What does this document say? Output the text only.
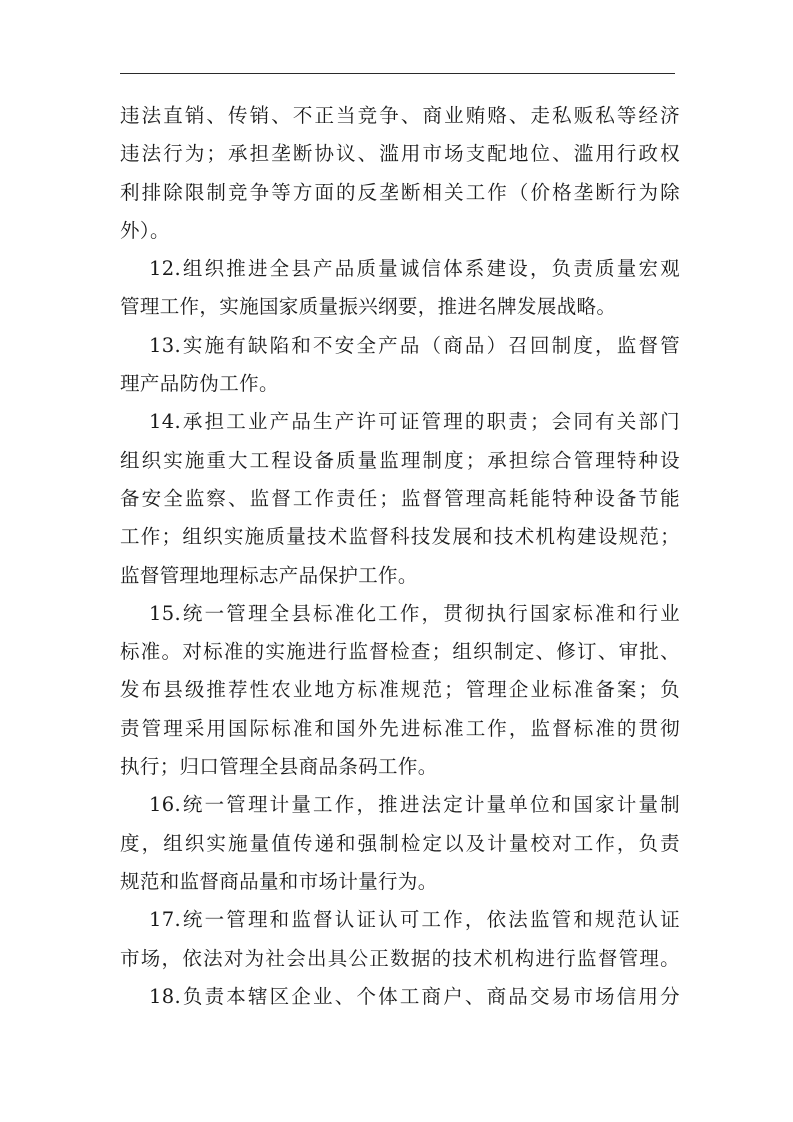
违法直销、传销、不正当竞争、商业贿赂、走私贩私等经济
违法行为；承担垄断协议、滥用市场支配地位、滥用行政权
利排除限制竞争等方面的反垄断相关工作（价格垄断行为除
外）。
12.组织推进全县产品质量诚信体系建设，负责质量宏观
管理工作，实施国家质量振兴纲要，推进名牌发展战略。
13.实施有缺陷和不安全产品（商品）召回制度，监督管
理产品防伪工作。
14.承担工业产品生产许可证管理的职责；会同有关部门
组织实施重大工程设备质量监理制度；承担综合管理特种设
备安全监察、监督工作责任；监督管理高耗能特种设备节能
工作；组织实施质量技术监督科技发展和技术机构建设规范；
监督管理地理标志产品保护工作。
15.统一管理全县标准化工作，贯彻执行国家标准和行业
标准。对标准的实施进行监督检查；组织制定、修订、审批、
发布县级推荐性农业地方标准规范；管理企业标准备案；负
责管理采用国际标准和国外先进标准工作，监督标准的贯彻
执行；归口管理全县商品条码工作。
16.统一管理计量工作，推进法定计量单位和国家计量制
度，组织实施量值传递和强制检定以及计量校对工作，负责
规范和监督商品量和市场计量行为。
17.统一管理和监督认证认可工作，依法监管和规范认证
市场，依法对为社会出具公正数据的技术机构进行监督管理。
18.负责本辖区企业、个体工商户、商品交易市场信用分
